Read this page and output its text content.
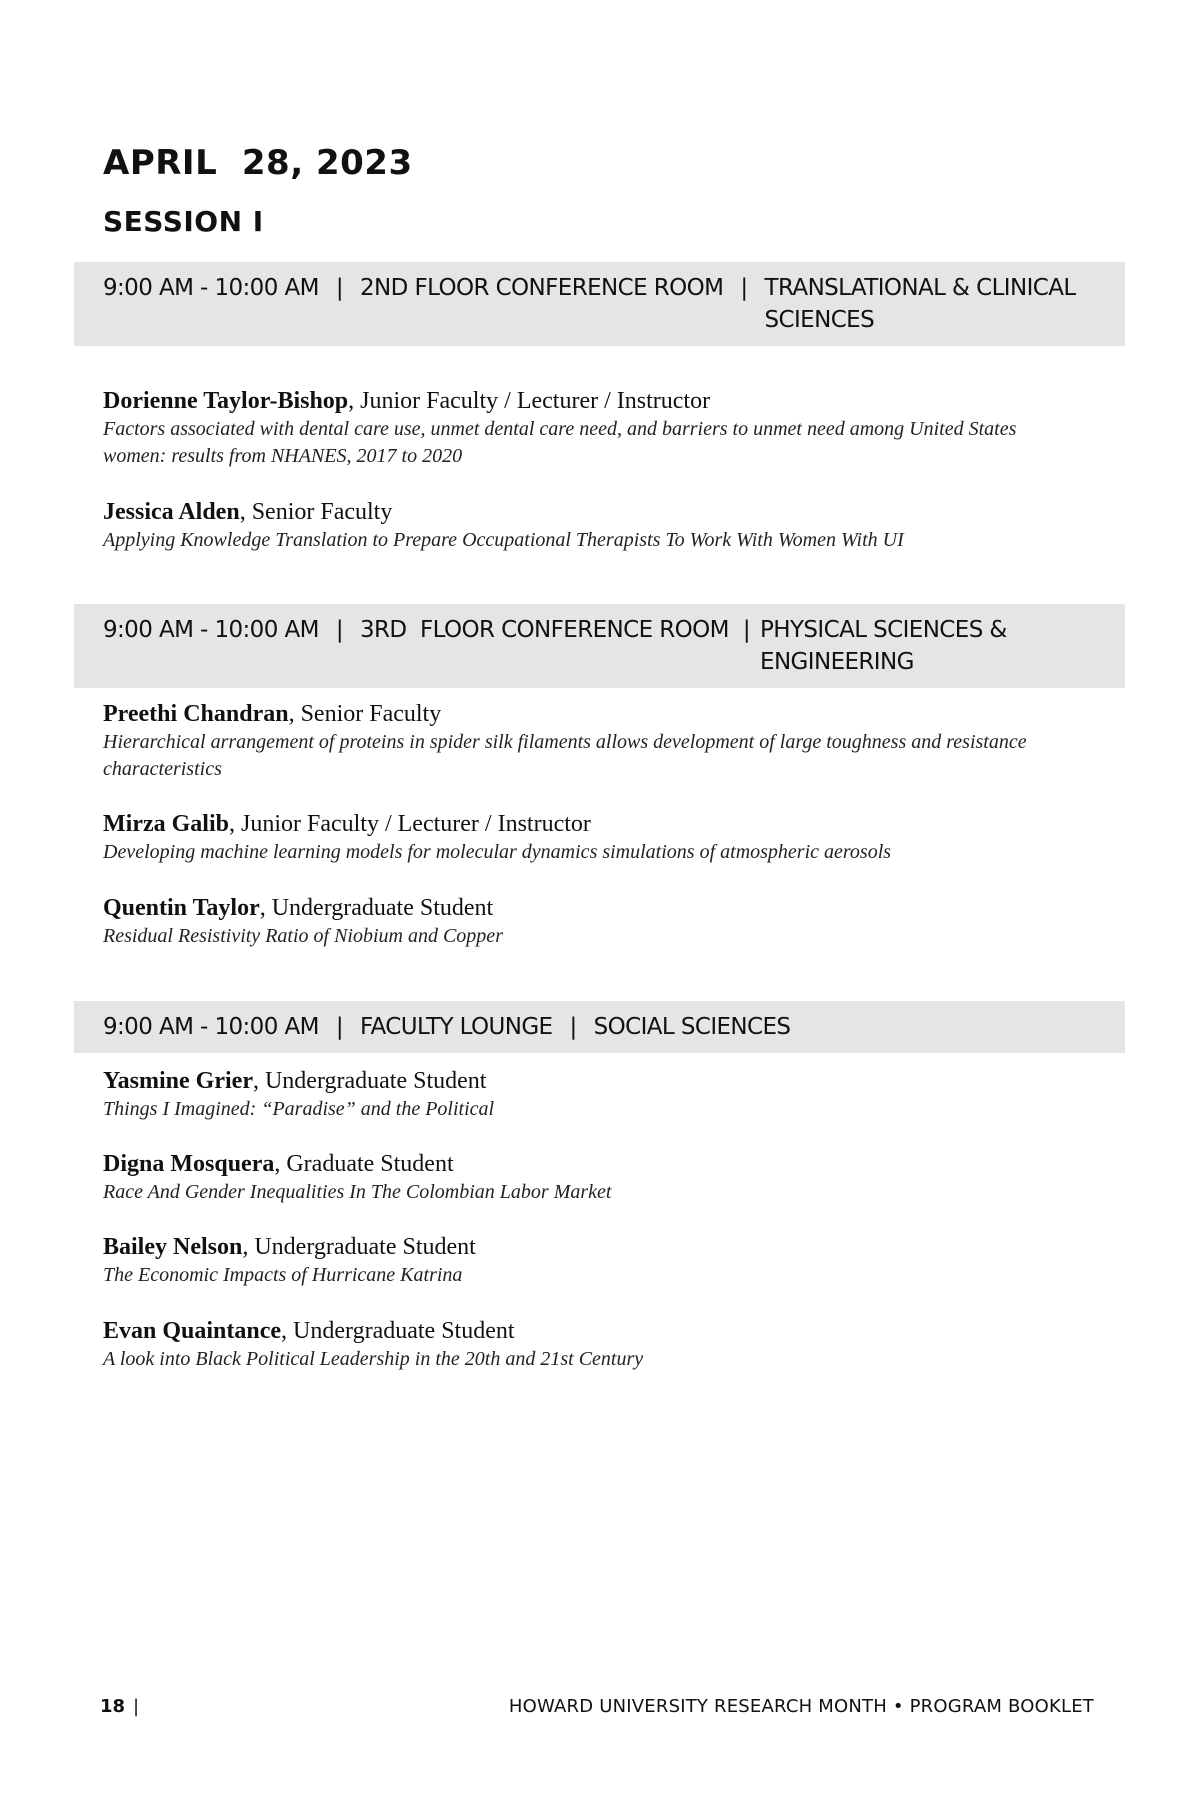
APRIL  28, 2023
SESSION I
9:00 AM - 10:00 AM | 2ND FLOOR CONFERENCE ROOM | TRANSLATIONAL & CLINICAL SCIENCES
Dorienne Taylor-Bishop, Junior Faculty / Lecturer / Instructor
Factors associated with dental care use, unmet dental care need, and barriers to unmet need among United States women: results from NHANES, 2017 to 2020
Jessica Alden, Senior Faculty
Applying Knowledge Translation to Prepare Occupational Therapists To Work With Women With UI
9:00 AM - 10:00 AM | 3RD  FLOOR CONFERENCE ROOM | PHYSICAL SCIENCES & ENGINEERING
Preethi Chandran, Senior Faculty
Hierarchical arrangement of proteins in spider silk filaments allows development of large toughness and resistance characteristics
Mirza Galib, Junior Faculty / Lecturer / Instructor
Developing machine learning models for molecular dynamics simulations of atmospheric aerosols
Quentin Taylor, Undergraduate Student
Residual Resistivity Ratio of Niobium and Copper
9:00 AM - 10:00 AM | FACULTY LOUNGE | SOCIAL SCIENCES
Yasmine Grier, Undergraduate Student
Things I Imagined: “Paradise” and the Political
Digna Mosquera, Graduate Student
Race And Gender Inequalities In The Colombian Labor Market
Bailey Nelson, Undergraduate Student
The Economic Impacts of Hurricane Katrina
Evan Quaintance, Undergraduate Student
A look into Black Political Leadership in the 20th and 21st Century
18 |	HOWARD UNIVERSITY RESEARCH MONTH • PROGRAM BOOKLET
